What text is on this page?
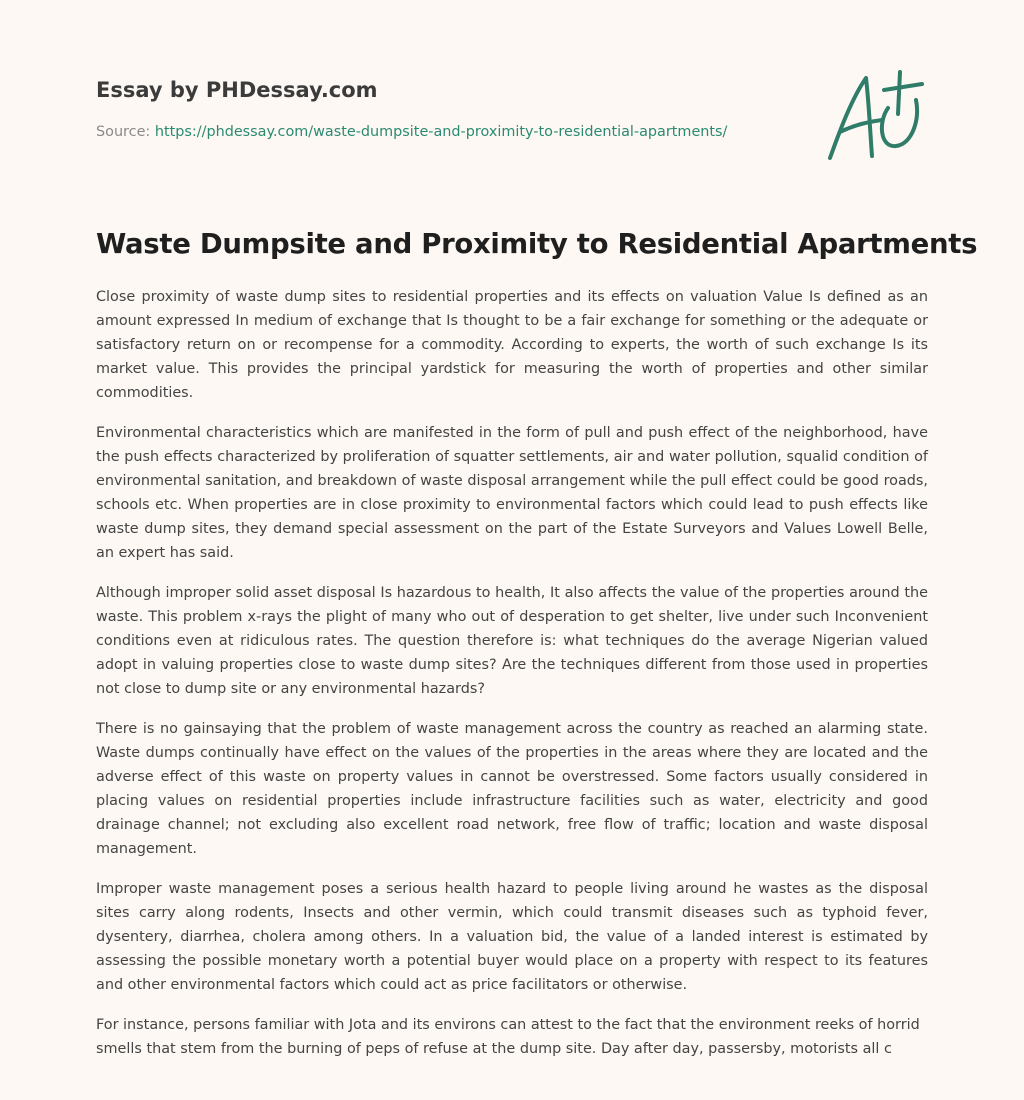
Essay by PHDessay.com
Source: https://phdessay.com/waste-dumpsite-and-proximity-to-residential-apartments/
Waste Dumpsite and Proximity to Residential Apartments

Close proximity of waste dump sites to residential properties and its effects on valuation Value Is defined as an amount expressed In medium of exchange that Is thought to be a fair exchange for something or the adequate or satisfactory return on or recompense for a commodity. According to experts, the worth of such exchange Is its market value. This provides the principal yardstick for measuring the worth of properties and other similar commodities.

Environmental characteristics which are manifested in the form of pull and push effect of the neighborhood, have the push effects characterized by proliferation of squatter settlements, air and water pollution, squalid condition of environmental sanitation, and breakdown of waste disposal arrangement while the pull effect could be good roads, schools etc. When properties are in close proximity to environmental factors which could lead to push effects like waste dump sites, they demand special assessment on the part of the Estate Surveyors and Values Lowell Belle, an expert has said.

Although improper solid asset disposal Is hazardous to health, It also affects the value of the properties around the waste. This problem x-rays the plight of many who out of desperation to get shelter, live under such Inconvenient conditions even at ridiculous rates. The question therefore is: what techniques do the average Nigerian valued adopt in valuing properties close to waste dump sites? Are the techniques different from those used in properties not close to dump site or any environmental hazards?

There is no gainsaying that the problem of waste management across the country as reached an alarming state. Waste dumps continually have effect on the values of the properties in the areas where they are located and the adverse effect of this waste on property values in cannot be overstressed. Some factors usually considered in placing values on residential properties include infrastructure facilities such as water, electricity and good drainage channel; not excluding also excellent road network, free flow of traffic; location and waste disposal management.

Improper waste management poses a serious health hazard to people living around he wastes as the disposal sites carry along rodents, Insects and other vermin, which could transmit diseases such as typhoid fever, dysentery, diarrhea, cholera among others. In a valuation bid, the value of a landed interest is estimated by assessing the possible monetary worth a potential buyer would place on a property with respect to its features and other environmental factors which could act as price facilitators or otherwise.

For instance, persons familiar with Jota and its environs can attest to the fact that the environment reeks of horrid smells that stem from the burning of peps of refuse at the dump site. Day after day, passersby, motorists all c
